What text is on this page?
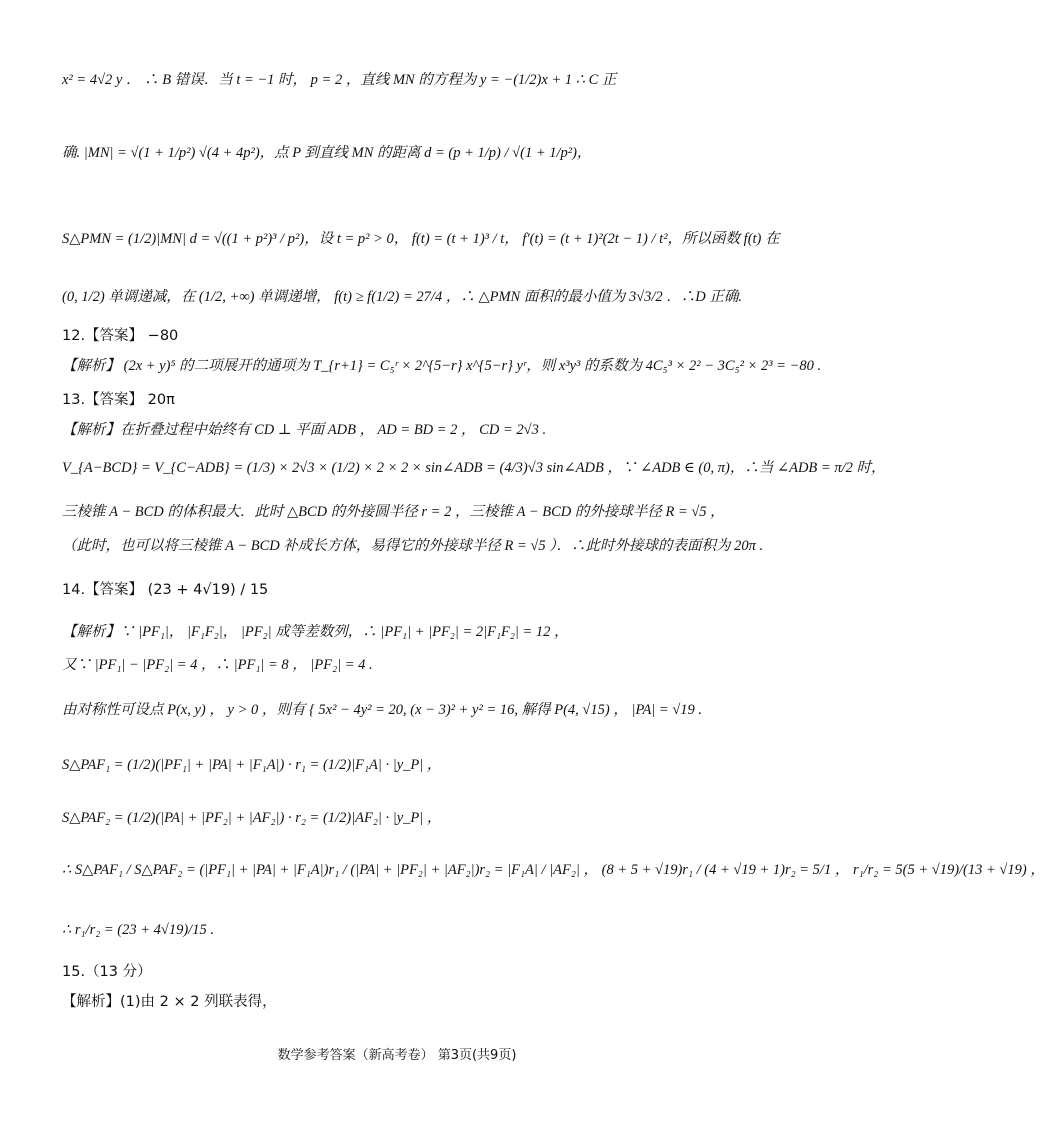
x² = 4√2 y ． ∴ B 错误．当 t = −1 时， p = 2 ，直线 MN 的方程为 y = −(1/2)x + 1 ∴ C 正
确. |MN| = √(1 + 1/p²) √(4 + 4p²)，点 P 到直线 MN 的距离 d = (p + 1/p) / √(1 + 1/p²)，
S△PMN = (1/2)|MN| d = √((1 + p²)³ / p²)，设 t = p² > 0， f(t) = (t + 1)³ / t， f′(t) = (t + 1)²(2t − 1) / t²，所以函数 f(t) 在
(0, 1/2) 单调递减，在 (1/2, +∞) 单调递增， f(t) ≥ f(1/2) = 27/4 ，∴ △PMN 面积的最小值为 3√3/2 ．∴D 正确.
12.【答案】 −80
【解析】 (2x + y)⁵ 的二项展开的通项为 T_{r+1} = C₅ʳ × 2^{5−r} x^{5−r} yʳ，则 x³y³ 的系数为 4C₅³ × 2² − 3C₅² × 2³ = −80 .
13.【答案】 20π
【解析】在折叠过程中始终有 CD ⊥ 平面 ADB ， AD = BD = 2 ， CD = 2√3 .
V_{A−BCD} = V_{C−ADB} = (1/3) × 2√3 × (1/2) × 2 × 2 × sin∠ADB = (4/3)√3 sin∠ADB ，∵ ∠ADB ∈ (0, π)，∴当 ∠ADB = π/2 时，
三棱锥 A − BCD 的体积最大．此时 △BCD 的外接圆半径 r = 2 ，三棱锥 A − BCD 的外接球半径 R = √5 ，
（此时，也可以将三棱锥 A − BCD 补成长方体，易得它的外接球半径 R = √5 ）．∴此时外接球的表面积为 20π .
14.【答案】 (23 + 4√19) / 15
【解析】∵ |PF₁|， |F₁F₂|， |PF₂| 成等差数列，∴ |PF₁| + |PF₂| = 2|F₁F₂| = 12 ，
又∵ |PF₁| − |PF₂| = 4 ，∴ |PF₁| = 8 ， |PF₂| = 4 .
由对称性可设点 P(x, y) ， y > 0 ，则有 { 5x² − 4y² = 20, (x − 3)² + y² = 16, 解得 P(4, √15) ， |PA| = √19 .
S△PAF₁ = (1/2)(|PF₁| + |PA| + |F₁A|) · r₁ = (1/2)|F₁A| · |y_P| ，
S△PAF₂ = (1/2)(|PA| + |PF₂| + |AF₂|) · r₂ = (1/2)|AF₂| · |y_P| ，
∴ S△PAF₁ / S△PAF₂ = (|PF₁| + |PA| + |F₁A|)r₁ / (|PA| + |PF₂| + |AF₂|)r₂ = |F₁A| / |AF₂| ， (8 + 5 + √19)r₁ / (4 + √19 + 1)r₂ = 5/1 ， r₁/r₂ = 5(5 + √19)/(13 + √19) ，
∴ r₁/r₂ = (23 + 4√19)/15 .
15.（13 分）
【解析】(1)由 2 × 2 列联表得，
数学参考答案（新高考卷） 第3页(共9页)
